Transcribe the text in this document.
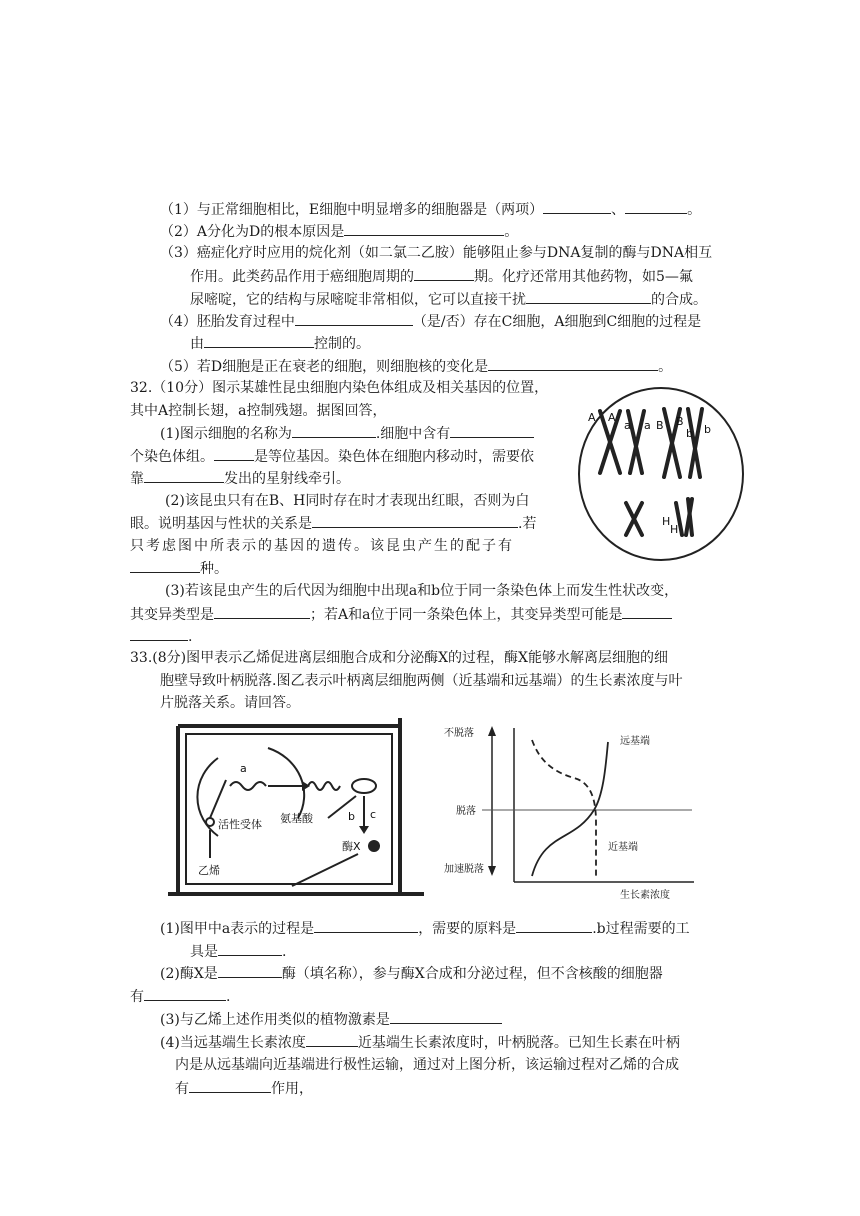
（1）与正常细胞相比，E细胞中明显增多的细胞器是（两项）	、	。
（2）A分化为D的根本原因是	。
（3）癌症化疗时应用的烷化剂（如二氯二乙胺）能够阻止参与DNA复制的酶与DNA相互
作用。此类药品作用于癌细胞周期的	期。化疗还常用其他药物，如5—氟
尿嘧啶，它的结构与尿嘧啶非常相似，它可以直接干扰	的合成。
（4）胚胎发育过程中	（是/否）存在C细胞，A细胞到C细胞的过程是
由	控制的。
（5）若D细胞是正在衰老的细胞，则细胞核的变化是	。
32.（10分）图示某雄性昆虫细胞内染色体组成及相关基因的位置，
其中A控制长翅，a控制残翅。据图回答，
(1)图示细胞的名称为	.细胞中含有
个染色体组。	是等位基因。染色体在细胞内移动时，需要依
靠	发出的星射线牵引。
(2)该昆虫只有在B、H同时存在时才表现出红眼，否则为白
眼。说明基因与性状的关系是	.若
只考虑图中所表示的基因的遗传。该昆虫产生的配子有
种。
(3)若该昆虫产生的后代因为细胞中出现a和b位于同一条染色体上而发生性状改变，
其变异类型是	；若A和a位于同一条染色体上，其变异类型可能是
.
A A
a a B B
b
b
H
H
33.(8分)图甲表示乙烯促进离层细胞合成和分泌酶X的过程，酶X能够水解离层细胞的细
胞壁导致叶柄脱落.图乙表示叶柄离层细胞两侧（近基端和远基端）的生长素浓度与叶
片脱落关系。请回答。
a
b c
活性受体 氨基酸
酶X
乙烯
不脱落
脱落
加速脱落
生长素浓度
远基端
近基端
(1)图甲中a表示的过程是	，需要的原料是	.b过程需要的工
具是	.
(2)酶X是	酶（填名称），参与酶X合成和分泌过程，但不含核酸的细胞器
有	.
(3)与乙烯上述作用类似的植物激素是
(4)当远基端生长素浓度	近基端生长素浓度时，叶柄脱落。已知生长素在叶柄
内是从远基端向近基端进行极性运输，通过对上图分析，该运输过程对乙烯的合成
有	作用，
